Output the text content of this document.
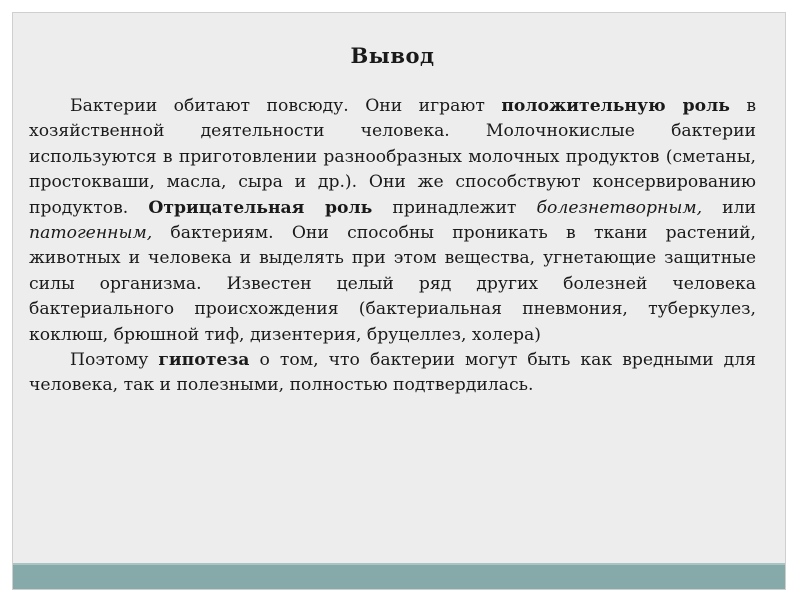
Вывод

Бактерии обитают повсюду. Они играют положительную роль в хозяйственной деятельности человека. Молочнокислые бактерии используются в приготовлении разнообразных молочных продуктов (сметаны, простокваши, масла, сыра и др.). Они же способствуют консервированию продуктов. Отрицательная роль принадлежит болезнетворным, или патогенным, бактериям. Они способны проникать в ткани растений, животных и человека и выделять при этом вещества, угнетающие защитные силы организма. Известен целый ряд других болезней человека бактериального происхождения (бактериальная пневмония, туберкулез, коклюш, брюшной тиф, дизентерия, бруцеллез, холера)

Поэтому гипотеза о том, что бактерии могут быть как вредными для человека, так и полезными, полностью подтвердилась.
